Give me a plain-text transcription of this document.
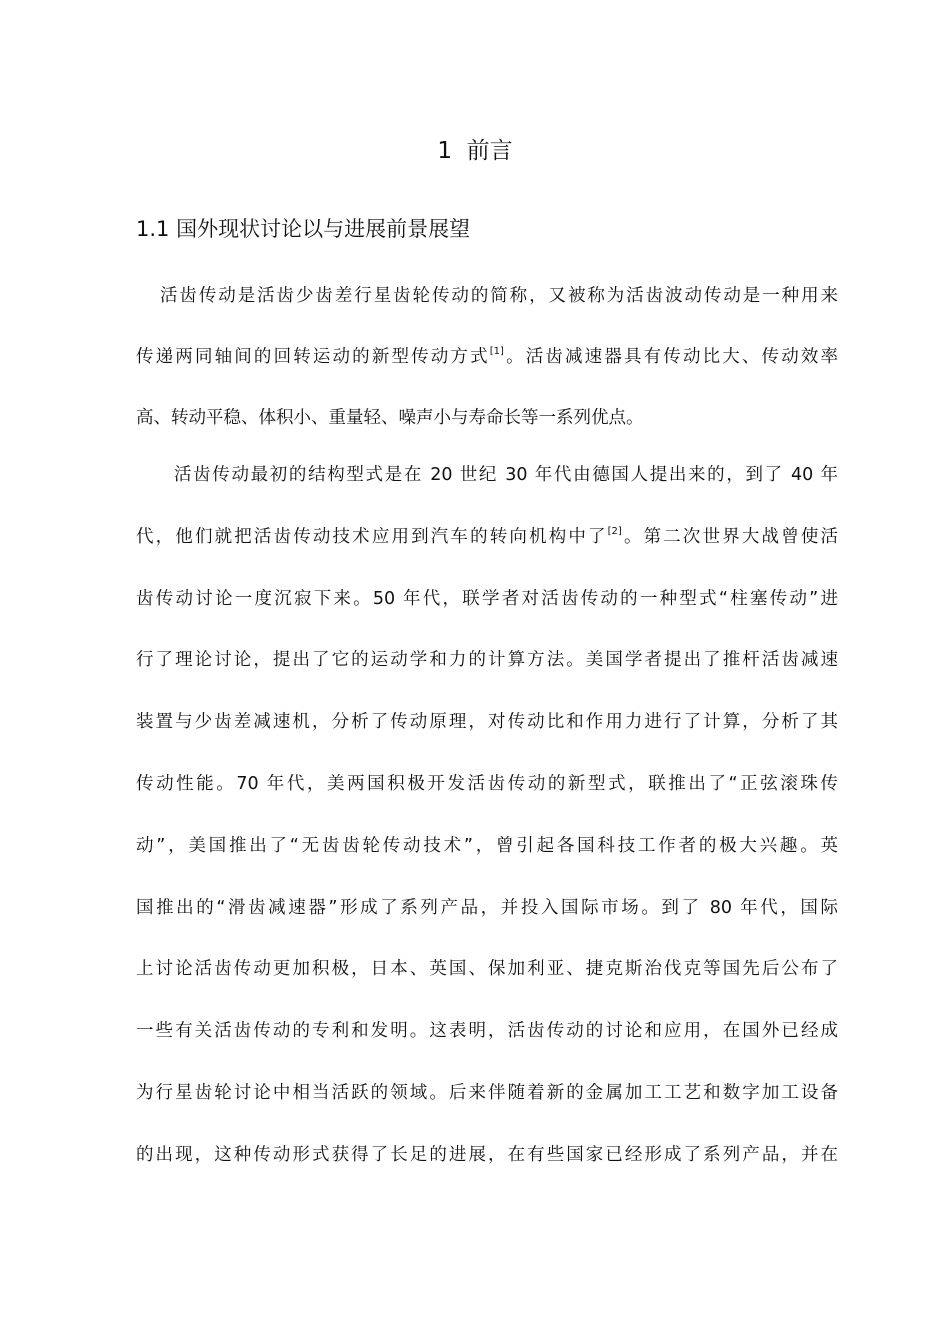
1 前言
1.1 国外现状讨论以与进展前景展望
活齿传动是活齿少齿差行星齿轮传动的简称，又被称为活齿波动传动是一种用来
传递两同轴间的回转运动的新型传动方式[1]。活齿减速器具有传动比大、传动效率
高、转动平稳、体积小、重量轻、噪声小与寿命长等一系列优点。
活齿传动最初的结构型式是在 20 世纪 30 年代由德国人提出来的，到了 40 年
代，他们就把活齿传动技术应用到汽车的转向机构中了[2]。第二次世界大战曾使活
齿传动讨论一度沉寂下来。50 年代，联学者对活齿传动的一种型式“柱塞传动”进
行了理论讨论，提出了它的运动学和力的计算方法。美国学者提出了推杆活齿减速
装置与少齿差减速机，分析了传动原理，对传动比和作用力进行了计算，分析了其
传动性能。70 年代，美两国积极开发活齿传动的新型式，联推出了“正弦滚珠传
动”，美国推出了“无齿齿轮传动技术”，曾引起各国科技工作者的极大兴趣。英
国推出的“滑齿减速器”形成了系列产品，并投入国际市场。到了 80 年代，国际
上讨论活齿传动更加积极，日本、英国、保加利亚、捷克斯治伐克等国先后公布了
一些有关活齿传动的专利和发明。这表明，活齿传动的讨论和应用，在国外已经成
为行星齿轮讨论中相当活跃的领域。后来伴随着新的金属加工工艺和数字加工设备
的出现，这种传动形式获得了长足的进展，在有些国家已经形成了系列产品，并在
